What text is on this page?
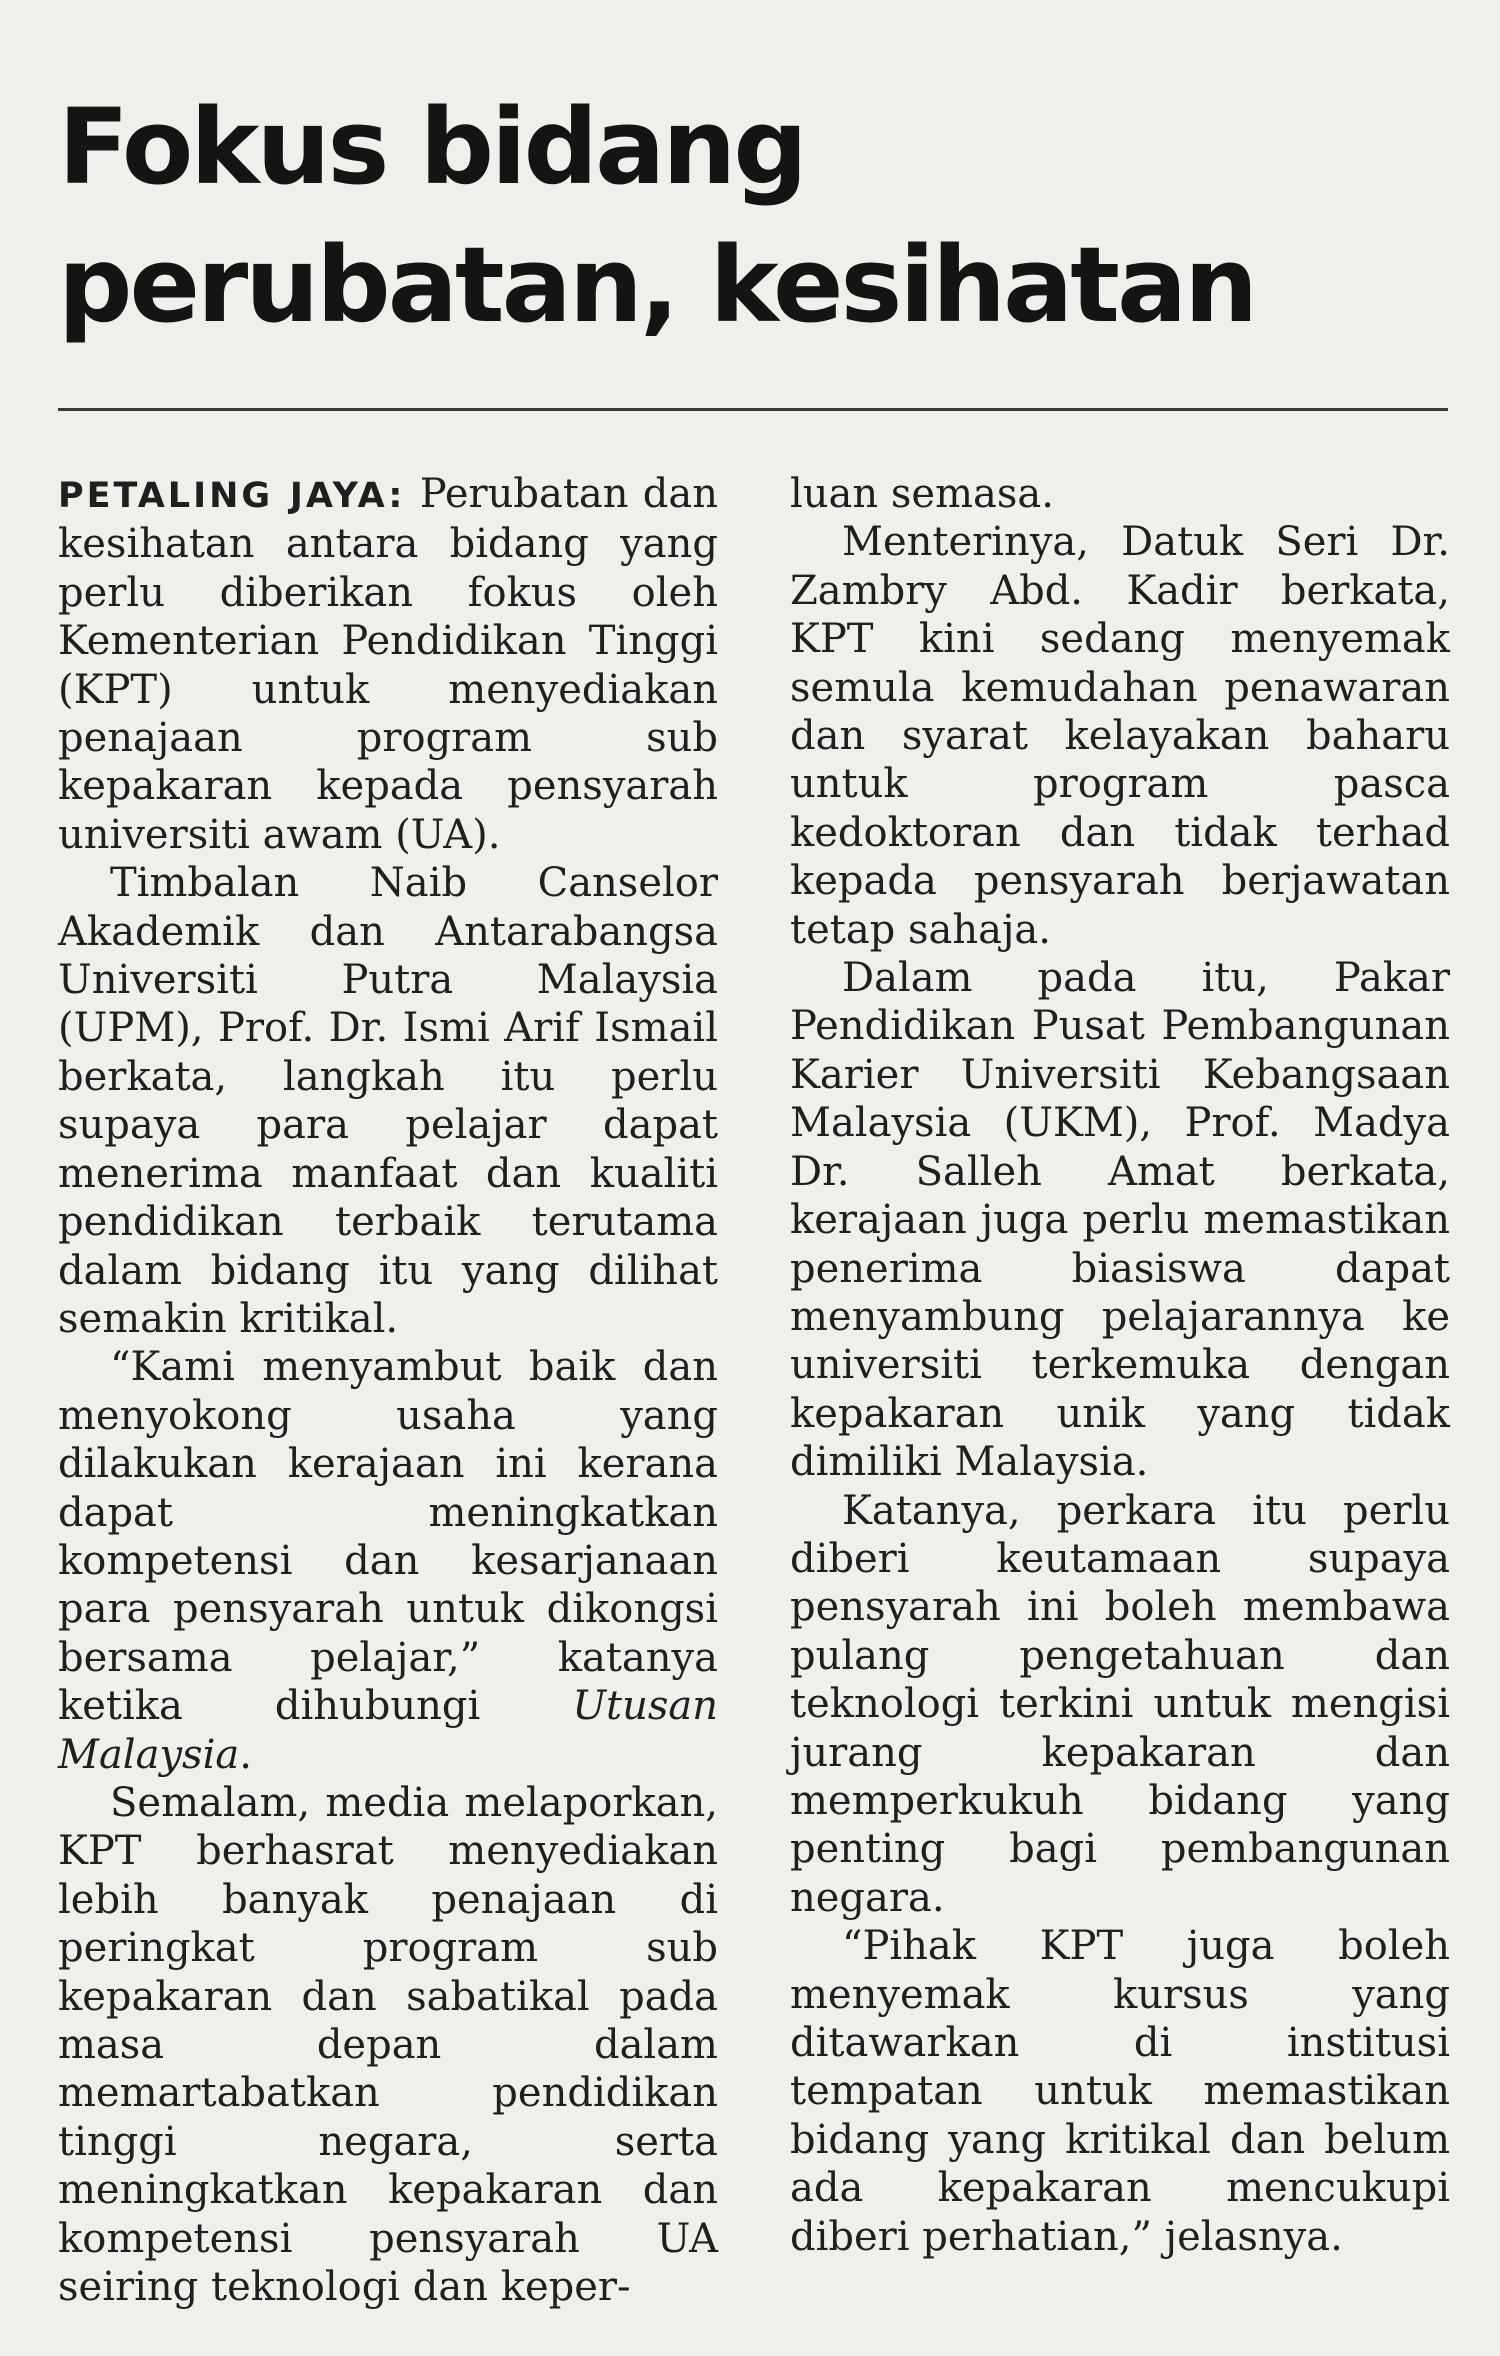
Fokus bidang
perubatan, kesihatan

PETALING JAYA: Perubatan dan kesihatan antara bidang yang perlu diberikan fokus oleh Kementerian Pendidikan Tinggi (KPT) untuk menyediakan penajaan program sub kepakaran kepada pensyarah universiti awam (UA).

Timbalan Naib Canselor Akademik dan Antarabangsa Universiti Putra Malaysia (UPM), Prof. Dr. Ismi Arif Ismail berkata, langkah itu perlu supaya para pelajar dapat menerima manfaat dan kualiti pendidikan terbaik terutama dalam bidang itu yang dilihat semakin kritikal.

“Kami menyambut baik dan menyokong usaha yang dilakukan kerajaan ini kerana dapat meningkatkan kompetensi dan kesarjanaan para pensyarah untuk dikongsi bersama pelajar,” katanya ketika dihubungi Utusan Malaysia.

Semalam, media melaporkan, KPT berhasrat menyediakan lebih banyak penajaan di peringkat program sub kepakaran dan sabatikal pada masa depan dalam memartabatkan pendidikan tinggi negara, serta meningkatkan kepakaran dan kompetensi pensyarah UA seiring teknologi dan keper-

luan semasa.

Menterinya, Datuk Seri Dr. Zambry Abd. Kadir berkata, KPT kini sedang menyemak semula kemudahan penawaran dan syarat kelayakan baharu untuk program pasca kedoktoran dan tidak terhad kepada pensyarah berjawatan tetap sahaja.

Dalam pada itu, Pakar Pendidikan Pusat Pembangunan Karier Universiti Kebangsaan Malaysia (UKM), Prof. Madya Dr. Salleh Amat berkata, kerajaan juga perlu memastikan penerima biasiswa dapat menyambung pelajarannya ke universiti terkemuka dengan kepakaran unik yang tidak dimiliki Malaysia.

Katanya, perkara itu perlu diberi keutamaan supaya pensyarah ini boleh membawa pulang pengetahuan dan teknologi terkini untuk mengisi jurang kepakaran dan memperkukuh bidang yang penting bagi pembangunan negara.

“Pihak KPT juga boleh menyemak kursus yang ditawarkan di institusi tempatan untuk memastikan bidang yang kritikal dan belum ada kepakaran mencukupi diberi perhatian,” jelasnya.
